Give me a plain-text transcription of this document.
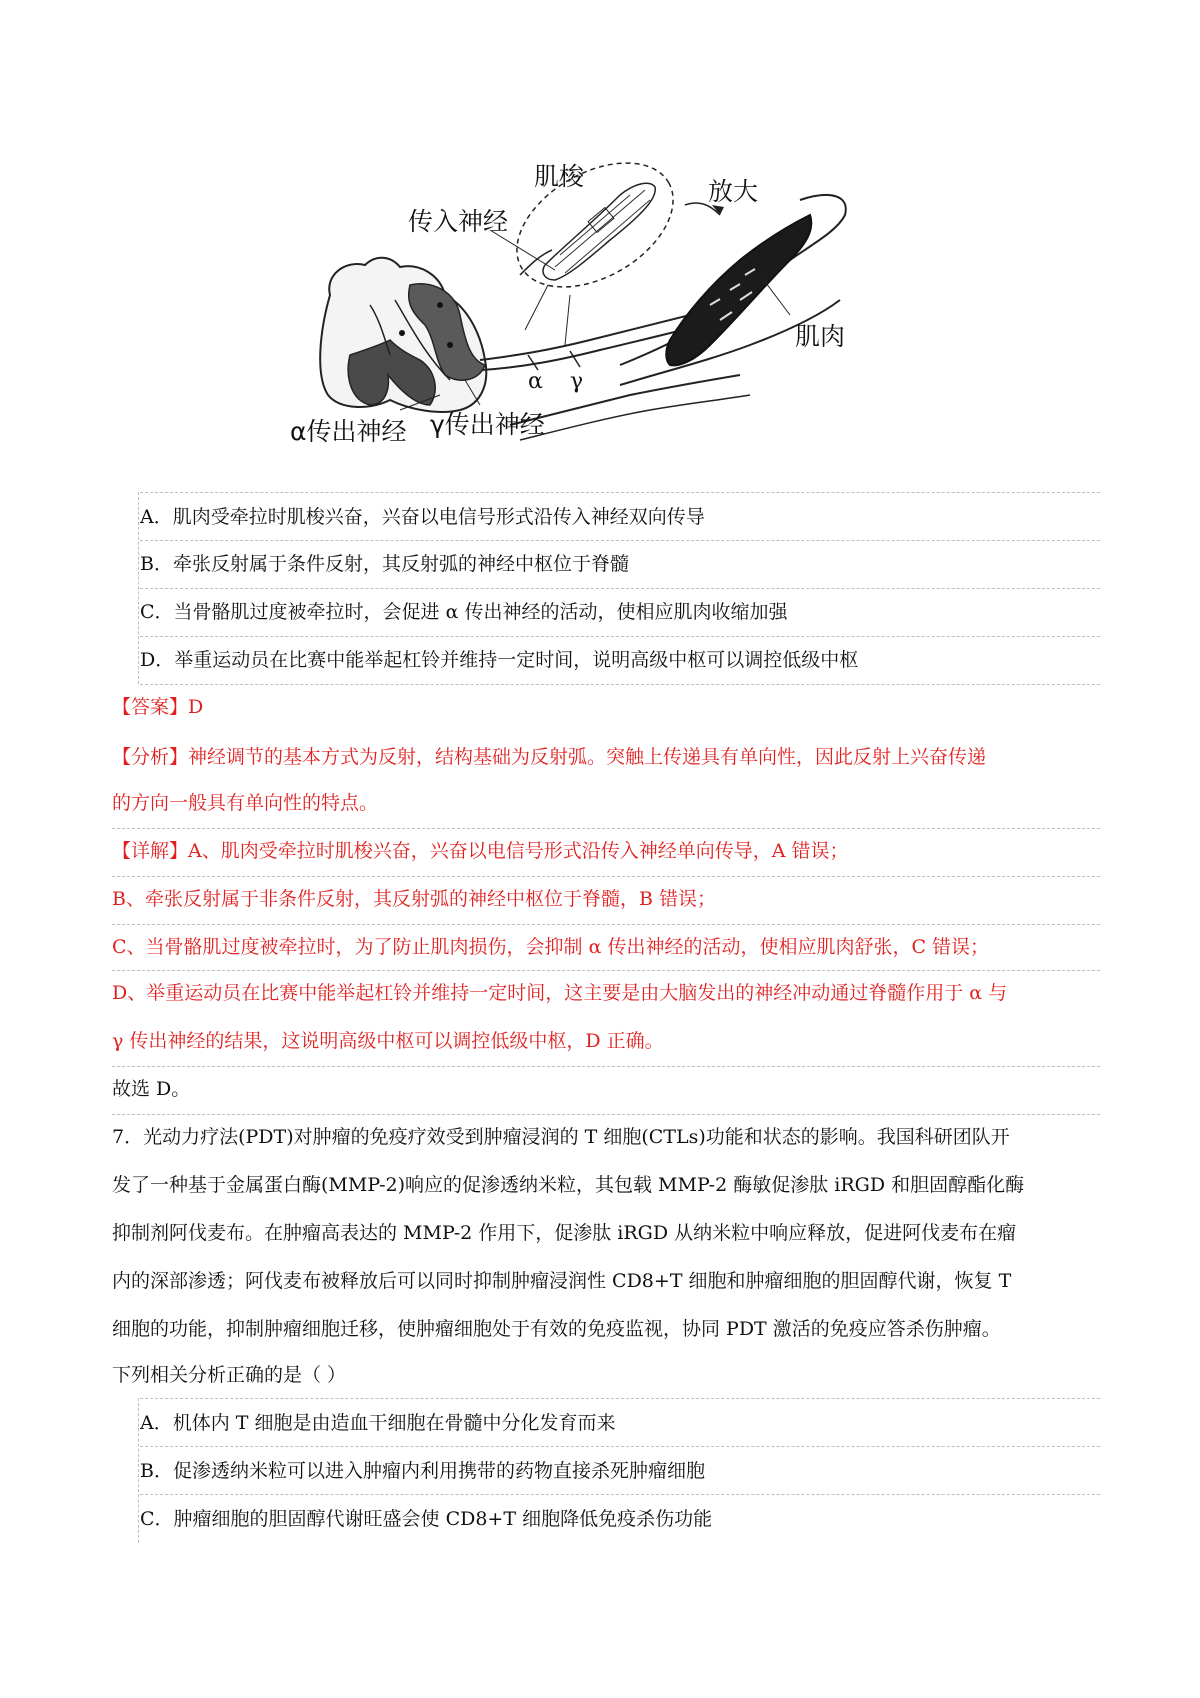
肌梭
放大
传入神经
肌肉
α γ
α传出神经 γ传出神经
A．肌肉受牵拉时肌梭兴奋，兴奋以电信号形式沿传入神经双向传导
B．牵张反射属于条件反射，其反射弧的神经中枢位于脊髓
C．当骨骼肌过度被牵拉时，会促进 α 传出神经的活动，使相应肌肉收缩加强
D．举重运动员在比赛中能举起杠铃并维持一定时间，说明高级中枢可以调控低级中枢
【答案】D
【分析】神经调节的基本方式为反射，结构基础为反射弧。突触上传递具有单向性，因此反射上兴奋传递
的方向一般具有单向性的特点。
【详解】A、肌肉受牵拉时肌梭兴奋，兴奋以电信号形式沿传入神经单向传导，A 错误；
B、牵张反射属于非条件反射，其反射弧的神经中枢位于脊髓，B 错误；
C、当骨骼肌过度被牵拉时，为了防止肌肉损伤，会抑制 α 传出神经的活动，使相应肌肉舒张，C 错误；
D、举重运动员在比赛中能举起杠铃并维持一定时间，这主要是由大脑发出的神经冲动通过脊髓作用于 α 与
γ 传出神经的结果，这说明高级中枢可以调控低级中枢，D 正确。
故选 D。
7．光动力疗法(PDT)对肿瘤的免疫疗效受到肿瘤浸润的 T 细胞(CTLs)功能和状态的影响。我国科研团队开
发了一种基于金属蛋白酶(MMP-2)响应的促渗透纳米粒，其包载 MMP-2 酶敏促渗肽 iRGD 和胆固醇酯化酶
抑制剂阿伐麦布。在肿瘤高表达的 MMP-2 作用下，促渗肽 iRGD 从纳米粒中响应释放，促进阿伐麦布在瘤
内的深部渗透；阿伐麦布被释放后可以同时抑制肿瘤浸润性 CD8+T 细胞和肿瘤细胞的胆固醇代谢，恢复 T
细胞的功能，抑制肿瘤细胞迁移，使肿瘤细胞处于有效的免疫监视，协同 PDT 激活的免疫应答杀伤肿瘤。
下列相关分析正确的是（ ）
A．机体内 T 细胞是由造血干细胞在骨髓中分化发育而来
B．促渗透纳米粒可以进入肿瘤内利用携带的药物直接杀死肿瘤细胞
C．肿瘤细胞的胆固醇代谢旺盛会使 CD8+T 细胞降低免疫杀伤功能
